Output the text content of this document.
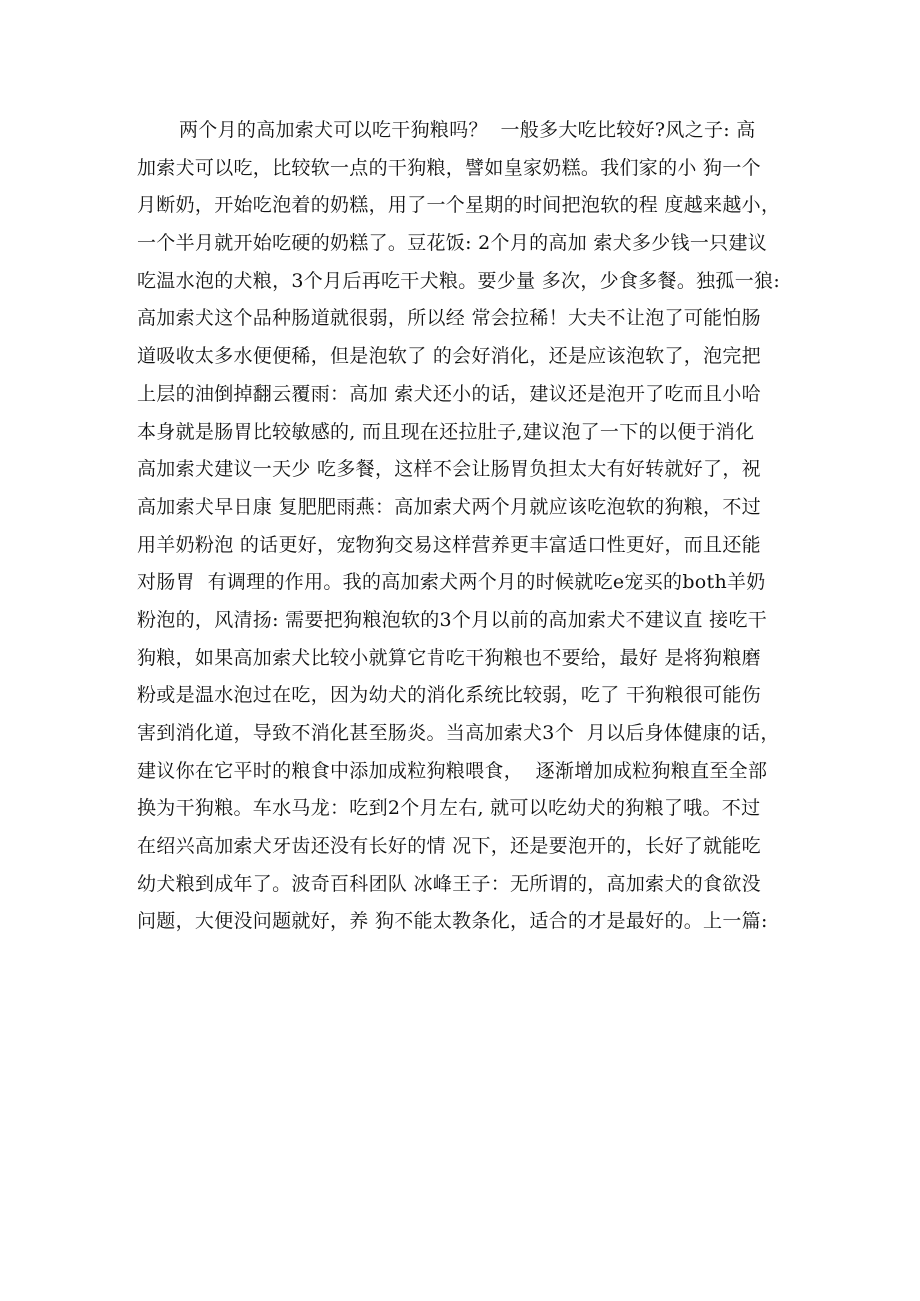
两个月的高加索犬可以吃干狗粮吗？  一般多大吃比较好?风之子: 高
加索犬可以吃，比较软一点的干狗粮，譬如皇家奶糕。我们家的小 狗一个
月断奶，开始吃泡着的奶糕，用了一个星期的时间把泡软的程 度越来越小，
一个半月就开始吃硬的奶糕了。豆花饭: 2个月的高加 索犬多少钱一只建议
吃温水泡的犬粮，3个月后再吃干犬粮。要少量 多次，少食多餐。独孤一狼:
高加索犬这个品种肠道就很弱，所以经 常会拉稀！大夫不让泡了可能怕肠
道吸收太多水便便稀，但是泡软了 的会好消化，还是应该泡软了，泡完把
上层的油倒掉翻云覆雨：高加 索犬还小的话，建议还是泡开了吃而且小哈
本身就是肠胃比较敏感的, 而且现在还拉肚子,建议泡了一下的以便于消化
高加索犬建议一天少 吃多餐，这样不会让肠胃负担太大有好转就好了，祝
高加索犬早日康 复肥肥雨燕：高加索犬两个月就应该吃泡软的狗粮，不过
用羊奶粉泡 的话更好，宠物狗交易这样营养更丰富适口性更好，而且还能
对肠胃  有调理的作用。我的高加索犬两个月的时候就吃e宠买的both羊奶
粉泡的，风清扬: 需要把狗粮泡软的3个月以前的高加索犬不建议直 接吃干
狗粮，如果高加索犬比较小就算它肯吃干狗粮也不要给，最好 是将狗粮磨
粉或是温水泡过在吃，因为幼犬的消化系统比较弱，吃了 干狗粮很可能伤
害到消化道，导致不消化甚至肠炎。当高加索犬3个  月以后身体健康的话，
建议你在它平时的粮食中添加成粒狗粮喂食，  逐渐增加成粒狗粮直至全部
换为干狗粮。车水马龙：吃到2个月左右, 就可以吃幼犬的狗粮了哦。不过
在绍兴高加索犬牙齿还没有长好的情 况下，还是要泡开的，长好了就能吃
幼犬粮到成年了。波奇百科团队 冰峰王子：无所谓的，高加索犬的食欲没
问题，大便没问题就好，养 狗不能太教条化，适合的才是最好的。上一篇:
